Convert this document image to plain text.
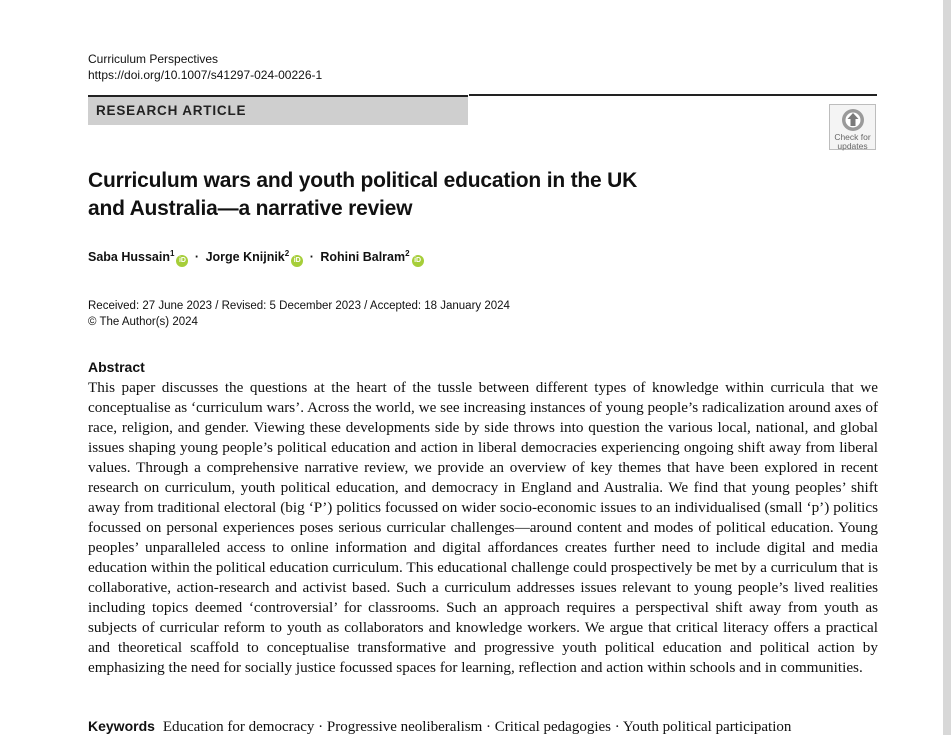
Curriculum Perspectives
https://doi.org/10.1007/s41297-024-00226-1
RESEARCH ARTICLE
Check for
updates
Curriculum wars and youth political education in the UK
and Australia—a narrative review
Saba Hussain$^1$iD · Jorge Knijnik$^2$iD · Rohini Balram$^2$iD
Received: 27 June 2023 / Revised: 5 December 2023 / Accepted: 18 January 2024
© The Author(s) 2024
Abstract

This paper discusses the questions at the heart of the tussle between different types of knowledge within curricula that we conceptualise as ‘curriculum wars’. Across the world, we see increasing instances of young people’s radicalization around axes of race, religion, and gender. Viewing these developments side by side throws into question the various local, national, and global issues shaping young people’s political education and action in liberal democracies experiencing ongoing shift away from liberal values. Through a comprehensive narrative review, we provide an overview of key themes that have been explored in recent research on curriculum, youth political education, and democracy in England and Australia. We find that young peoples’ shift away from traditional electoral (big ‘P’) politics focussed on wider socio-economic issues to an individualised (small ‘p’) politics focussed on personal experiences poses serious curricular challenges—around content and modes of political education. Young peoples’ unparalleled access to online information and digital affordances creates further need to include digital and media education within the political education curriculum. This educational challenge could prospectively be met by a curriculum that is collaborative, action-research and activist based. Such a curriculum addresses issues relevant to young people’s lived realities including topics deemed ‘controversial’ for classrooms. Such an approach requires a perspectival shift away from youth as subjects of curricular reform to youth as collaborators and knowledge workers. We argue that critical literacy offers a practical and theoretical scaffold to conceptualise transformative and progressive youth political education and political action by emphasizing the need for socially justice focussed spaces for learning, reflection and action within schools and in communities.

Keywords Education for democracy · Progressive neoliberalism · Critical pedagogies · Youth political participation
